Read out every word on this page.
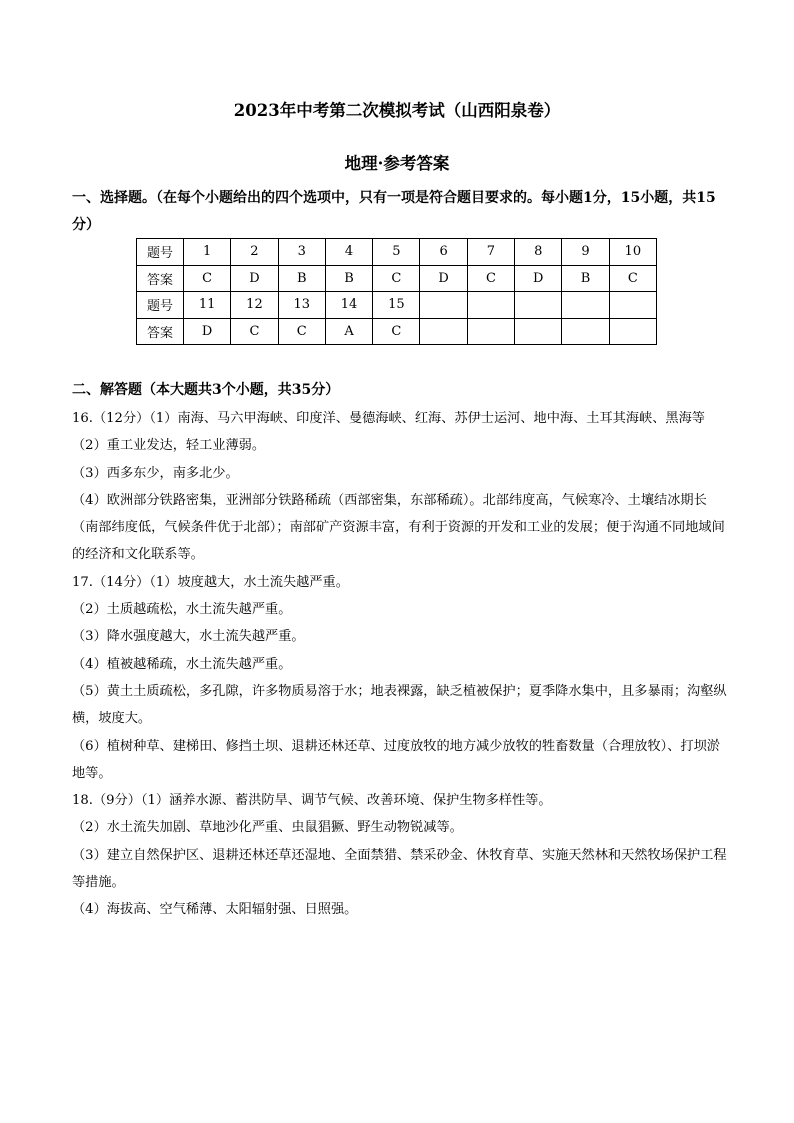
2023年中考第二次模拟考试（山西阳泉卷）
地理·参考答案
一、选择题。（在每个小题给出的四个选项中，只有一项是符合题目要求的。每小题1分，15小题，共15分）
题号	1	2	3	4	5	6	7	8	9	10
答案	C	D	B	B	C	D	C	D	B	C
题号	11	12	13	14	15					
答案	D	C	C	A	C					
二、解答题（本大题共3个小题，共35分）

16.（12分）（1）南海、马六甲海峡、印度洋、曼德海峡、红海、苏伊士运河、地中海、土耳其海峡、黑海等

（2）重工业发达，轻工业薄弱。

（3）西多东少，南多北少。

（4）欧洲部分铁路密集，亚洲部分铁路稀疏（西部密集，东部稀疏）。北部纬度高，气候寒冷、土壤结冰期长（南部纬度低，气候条件优于北部）；南部矿产资源丰富，有利于资源的开发和工业的发展；便于沟通不同地域间的经济和文化联系等。

17.（14分）（1）坡度越大，水土流失越严重。

（2）土质越疏松，水土流失越严重。

（3）降水强度越大，水土流失越严重。

（4）植被越稀疏，水土流失越严重。

（5）黄土土质疏松，多孔隙，许多物质易溶于水；地表裸露，缺乏植被保护；夏季降水集中，且多暴雨；沟壑纵横，坡度大。

（6）植树种草、建梯田、修挡土坝、退耕还林还草、过度放牧的地方减少放牧的牲畜数量（合理放牧）、打坝淤地等。

18.（9分）（1）涵养水源、蓄洪防旱、调节气候、改善环境、保护生物多样性等。

（2）水土流失加剧、草地沙化严重、虫鼠猖獗、野生动物锐减等。

（3）建立自然保护区、退耕还林还草还湿地、全面禁猎、禁采砂金、休牧育草、实施天然林和天然牧场保护工程等措施。

（4）海拔高、空气稀薄、太阳辐射强、日照强。
